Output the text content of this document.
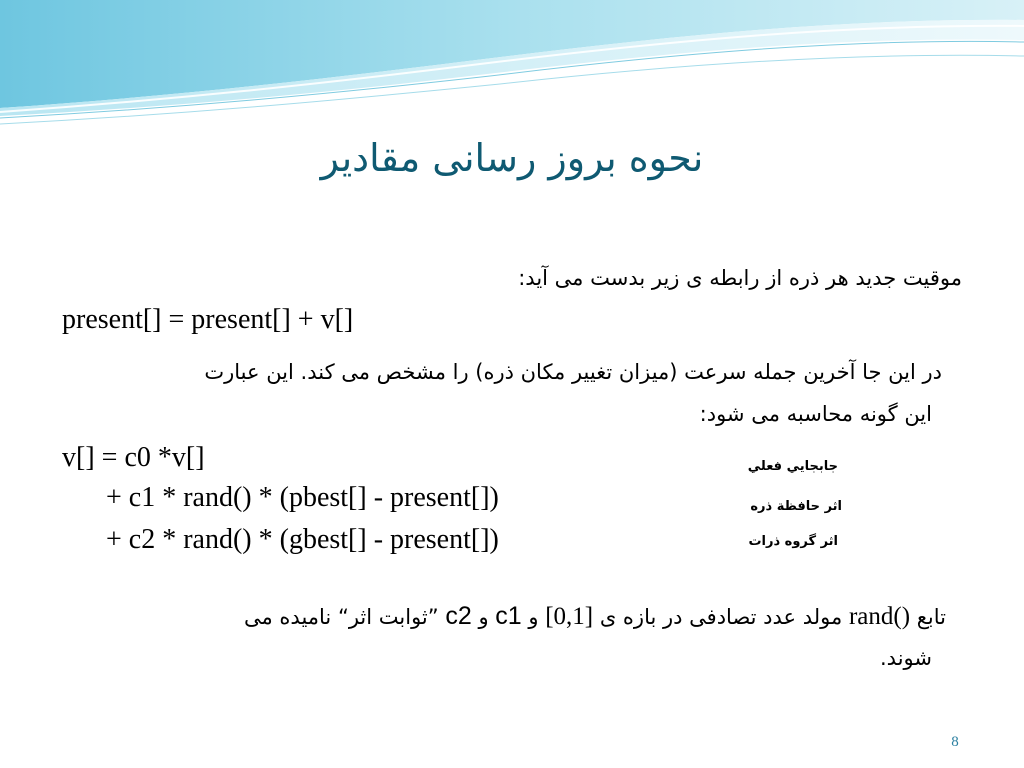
نحوه بروز رسانی مقادیر
موقیت جدید هر ذره از رابطه ی زیر بدست می آید:
present[] = present[] + v[]
در این جا آخرین جمله سرعت (میزان تغییر مکان ذره) را مشخص می کند. این عبارت
این گونه محاسبه می شود:
v[] = c0 *v[]
+ c1 * rand() * (pbest[] - present[])
+ c2 * rand() * (gbest[] - present[])
جابجايي فعلي
اثر حافظة ذره
اثر گروه ذرات
تابع rand() مولد عدد تصادفی در بازه ی [0,1] و c1 و c2 ”ثوابت اثر“ نامیده می
شوند.
8
